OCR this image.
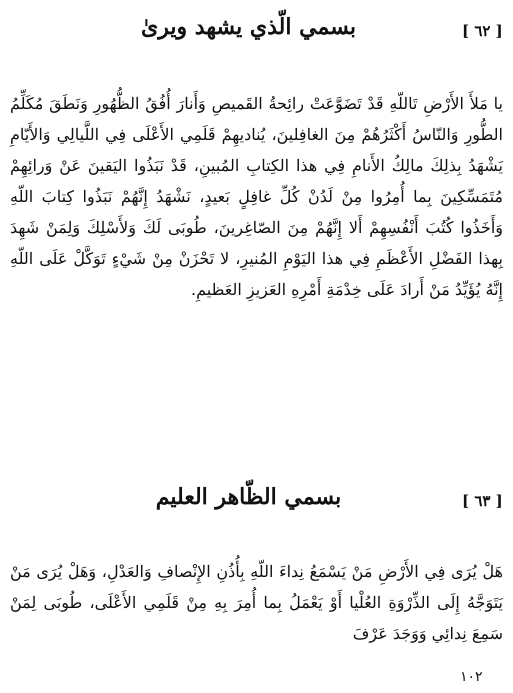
[ ٦٢ ]
بسمي الّذي يشهد ويرىٰ

يا مَلأَ الأَرْضِ تَاللّهِ قَدْ تَضَوَّعَتْ رائِحةُ القَميصِ وَأَنارَ أُفُقُ الظُّهُورِ وَنَطَقَ مُكَلِّمُ الطُّورِ وَالنّاسُ أَكْثَرُهُمْ مِنَ الغافِلينَ، يُناديهِمْ قَلَمِي الأَعْلَى فِي اللَّيالِي وَالأَيّامِ يَشْهَدُ بِذلِكَ مالِكُ الأَنامِ فِي هذا الكِتابِ المُبينِ، قَدْ نَبَذُوا اليَقينَ عَنْ وَرائِهِمْ مُتَمَسِّكِينَ بِما أُمِرُوا مِنْ لَدُنْ كُلِّ غافِلٍ بَعيدٍ، نَشْهَدُ إِنَّهُمْ نَبَذُوا كِتابَ اللّهِ وَأَخَذُوا كُتُبَ أَنْفُسِهِمْ أَلا إِنَّهُمْ مِنَ الصّاغِرينَ، طُوبَى لَكَ وَلأَسْلِكَ وَلِمَنْ شَهِدَ بِهذا الفَضْلِ الأَعْظَمِ فِي هذا اليَوْمِ المُنيرِ، لا تَحْزَنْ مِنْ شَيْءٍ تَوَكَّلْ عَلَى اللّهِ إِنَّهُ يُؤَيِّدُ مَنْ أَرادَ عَلَى خِدْمَةِ أَمْرِهِ العَزيزِ العَظيمِ.

[ ٦٣ ]
بسمي الظّاهر العليم

هَلْ يُرَى فِي الأَرْضِ مَنْ يَسْمَعُ نِداءَ اللّهِ بِأُذُنِ الإِنْصافِ وَالعَدْلِ، وَهَلْ يُرَى مَنْ يَتَوَجَّهُ إِلَى الذِّرْوَةِ العُلْيا أَوْ يَعْمَلُ بِما أُمِرَ بِهِ مِنْ قَلَمِي الأَعْلَى، طُوبَى لِمَنْ سَمِعَ نِدائِي وَوَجَدَ عَرْفَ

١٠٢
